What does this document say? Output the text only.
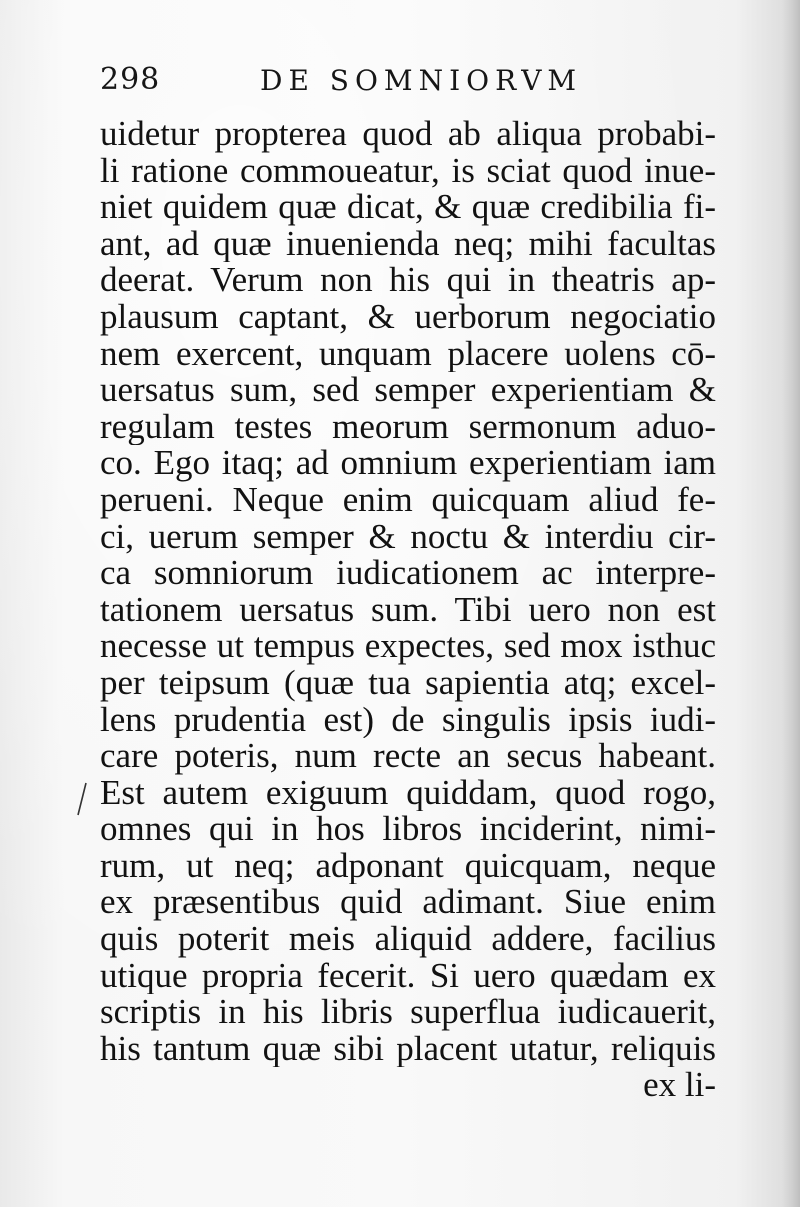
298	DE SOMNIORVM
uidetur propterea quod ab aliqua probabi-
li ratione commoueatur, is sciat quod inue-
niet quidem quæ dicat, & quæ credibilia fi-
ant, ad quæ inuenienda neq; mihi facultas
deerat. Verum non his qui in theatris ap-
plausum captant, & uerborum negociatio
nem exercent, unquam placere uolens cō-
uersatus sum, sed semper experientiam &
regulam testes meorum sermonum aduo-
co. Ego itaq; ad omnium experientiam iam
perueni. Neque enim quicquam aliud fe-
ci, uerum semper & noctu & interdiu cir-
ca somniorum iudicationem ac interpre-
tationem uersatus sum. Tibi uero non est
necesse ut tempus expectes, sed mox isthuc
per teipsum (quæ tua sapientia atq; excel-
lens prudentia est) de singulis ipsis iudi-
care poteris, num recte an secus habeant.
Est autem exiguum quiddam, quod rogo,
omnes qui in hos libros inciderint, nimi-
rum, ut neq; adponant quicquam, neque
ex præsentibus quid adimant. Siue enim
quis poterit meis aliquid addere, facilius
utique propria fecerit. Si uero quædam ex
scriptis in his libris superflua iudicauerit,
his tantum quæ sibi placent utatur, reliquis
ex li-
